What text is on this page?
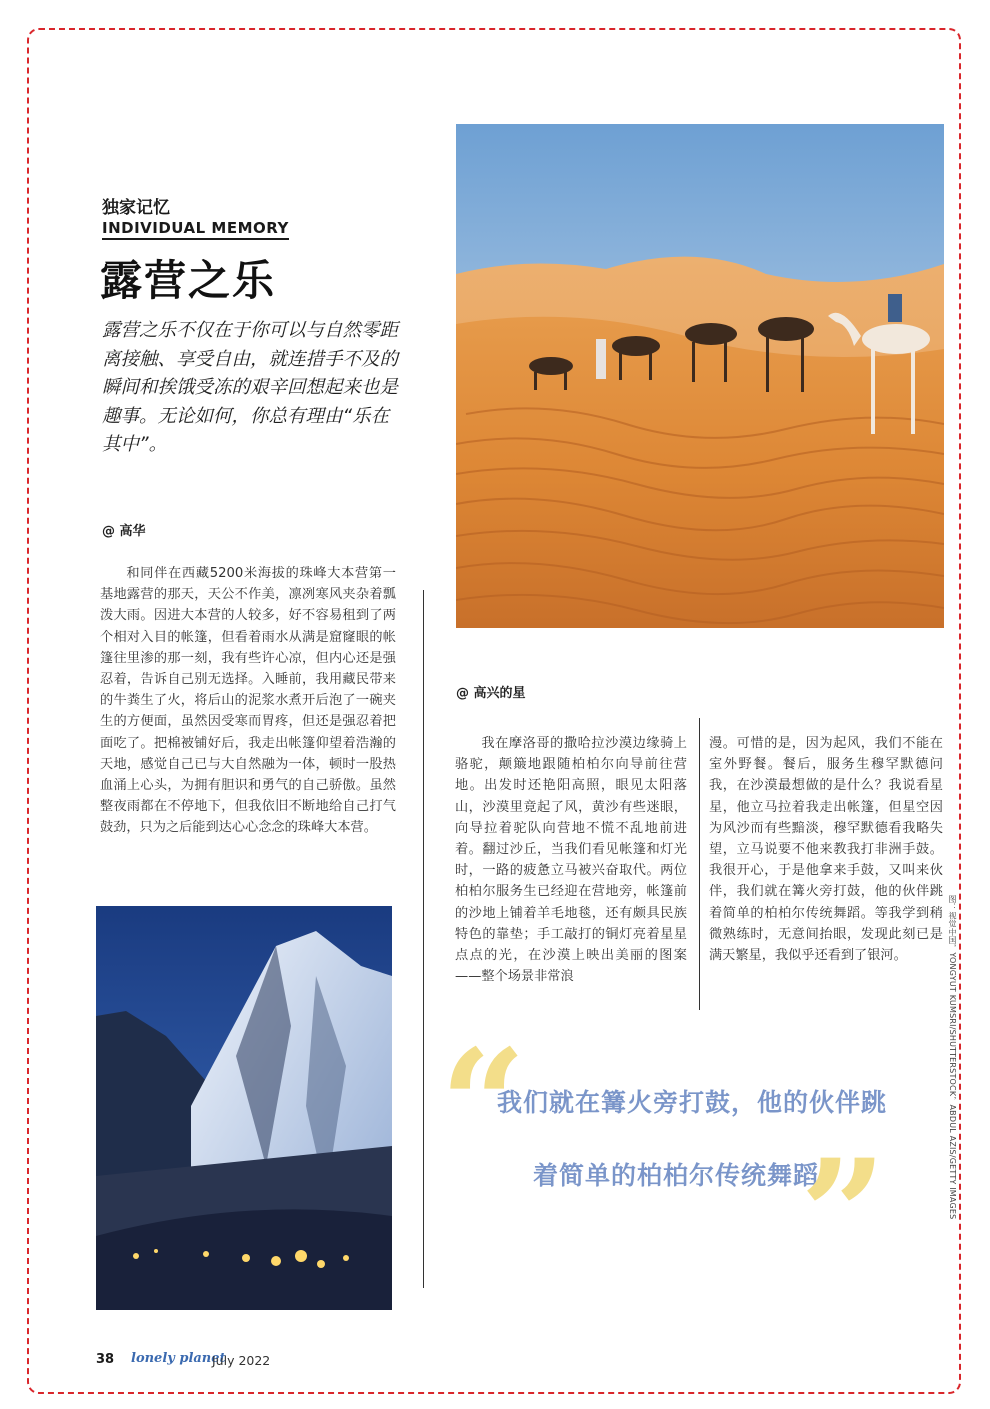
独家记忆
INDIVIDUAL MEMORY
露营之乐
露营之乐不仅在于你可以与自然零距离接触、享受自由，就连措手不及的瞬间和挨饿受冻的艰辛回想起来也是趣事。无论如何，你总有理由“乐在其中”。
@ 高华
和同伴在西藏5200米海拔的珠峰大本营第一基地露营的那天，天公不作美，凛冽寒风夹杂着瓢泼大雨。因进大本营的人较多，好不容易租到了两个相对入目的帐篷，但看着雨水从满是窟窿眼的帐篷往里渗的那一刻，我有些许心凉，但内心还是强忍着，告诉自己别无选择。入睡前，我用藏民带来的牛粪生了火，将后山的泥浆水煮开后泡了一碗夹生的方便面，虽然因受寒而胃疼，但还是强忍着把面吃了。把棉被铺好后，我走出帐篷仰望着浩瀚的天地，感觉自己已与大自然融为一体，顿时一股热血涌上心头，为拥有胆识和勇气的自己骄傲。虽然整夜雨都在不停地下，但我依旧不断地给自己打气鼓劲，只为之后能到达心心念念的珠峰大本营。
@ 高兴的星
我在摩洛哥的撒哈拉沙漠边缘骑上骆驼，颠簸地跟随柏柏尔向导前往营地。出发时还艳阳高照，眼见太阳落山，沙漠里竟起了风，黄沙有些迷眼，向导拉着驼队向营地不慌不乱地前进着。翻过沙丘，当我们看见帐篷和灯光时，一路的疲惫立马被兴奋取代。两位柏柏尔服务生已经迎在营地旁，帐篷前的沙地上铺着羊毛地毯，还有颇具民族特色的靠垫；手工敲打的铜灯亮着星星点点的光，在沙漠上映出美丽的图案——整个场景非常浪
漫。可惜的是，因为起风，我们不能在室外野餐。餐后，服务生穆罕默德问我，在沙漠最想做的是什么？我说看星星，他立马拉着我走出帐篷，但星空因为风沙而有些黯淡，穆罕默德看我略失望，立马说要不他来教我打非洲手鼓。我很开心，于是他拿来手鼓，又叫来伙伴，我们就在篝火旁打鼓，他的伙伴跳着简单的柏柏尔传统舞蹈。等我学到稍微熟练时，无意间抬眼，发现此刻已是满天繁星，我似乎还看到了银河。
“
我们就在篝火旁打鼓，他的伙伴跳
着简单的柏柏尔传统舞蹈。
”	图：视觉中国，YONGYUT KUMSRI/SHUTTERSTOCK，ABDUL AZIS/GETTY IMAGES
38 lonely planet
July 2022
